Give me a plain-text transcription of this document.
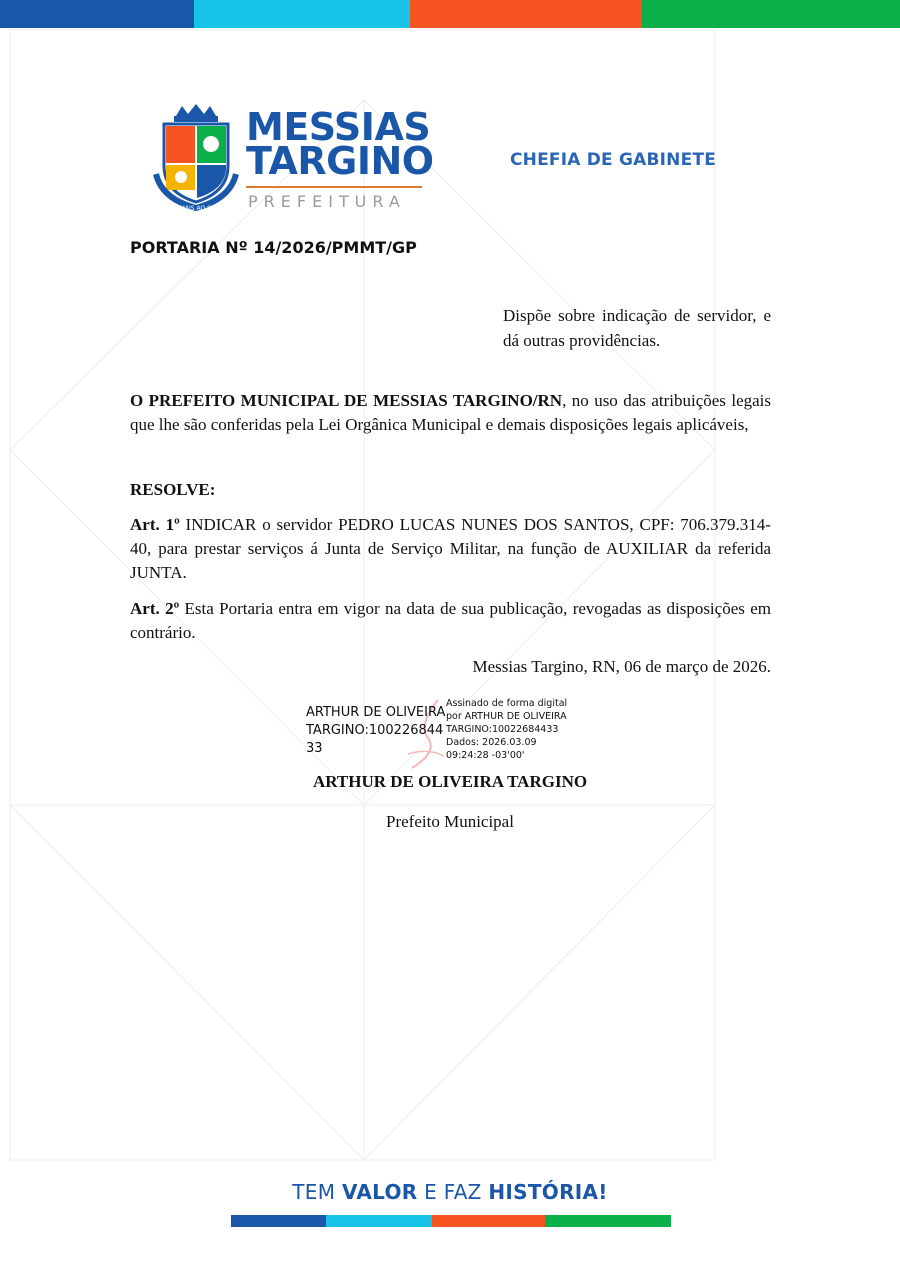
DO MAIS AO SOLO
MESSIAS
TARGINO
PREFEITURA
CHEFIA DE GABINETE
PORTARIA Nº 14/2026/PMMT/GP
Dispõe sobre indicação de servidor, e dá outras providências.
O PREFEITO MUNICIPAL DE MESSIAS TARGINO/RN, no uso das atribuições legais que lhe são conferidas pela Lei Orgânica Municipal e demais disposições legais aplicáveis,
RESOLVE:
Art. 1º INDICAR o servidor PEDRO LUCAS NUNES DOS SANTOS, CPF: 706.379.314-40, para prestar serviços á Junta de Serviço Militar, na função de AUXILIAR da referida JUNTA.
Art. 2º Esta Portaria entra em vigor na data de sua publicação, revogadas as disposições em contrário.
Messias Targino, RN, 06 de março de 2026.
ARTHUR DE OLIVEIRA
TARGINO:100226844
33
Assinado de forma digital
por ARTHUR DE OLIVEIRA
TARGINO:10022684433
Dados: 2026.03.09
09:24:28 -03'00'
ARTHUR DE OLIVEIRA TARGINO
Prefeito Municipal
TEM VALOR E FAZ HISTÓRIA!
